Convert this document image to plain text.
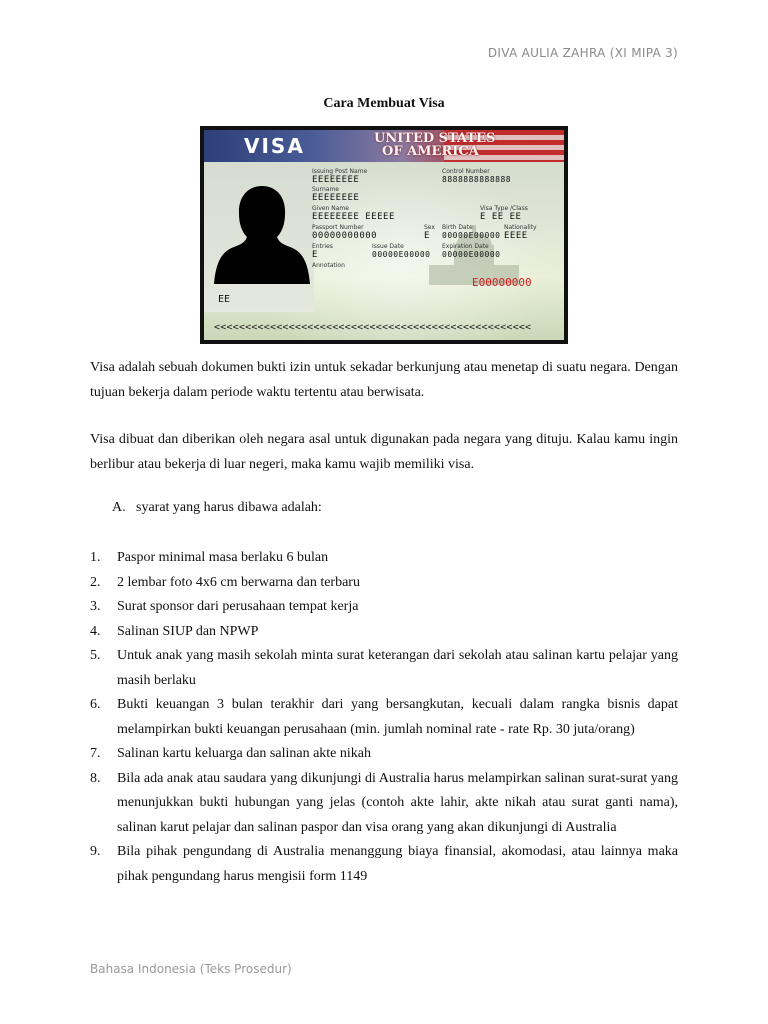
DIVA AULIA ZAHRA (XI MIPA 3)
Cara Membuat Visa
VISA	UNITED STATES
OF AMERICA
Issuing Post Name
EEEEEEEE
Control Number
8888888888888
Surname
EEEEEEEE
Given Name
EEEEEEEE EEEEE
Visa Type /Class
E EE EE
Passport Number
00000000000
Sex
E
Birth Date
00000E00000
Nationality
EEEE
Entries
E
Issue Date
00000E00000
Expiration Date
00000E00000
Annotation
E00000000
EE
<<<<<<<<<<<<<<<<<<<<<<<<<<<<<<<<<<<<<<<<<<<<<<<<<<<

Visa adalah sebuah dokumen bukti izin untuk sekadar berkunjung atau menetap di suatu negara. Dengan tujuan bekerja dalam periode waktu tertentu atau berwisata.

Visa dibuat dan diberikan oleh negara asal untuk digunakan pada negara yang dituju. Kalau kamu ingin berlibur atau bekerja di luar negeri, maka kamu wajib memiliki visa.

A. syarat yang harus dibawa adalah:
1.	Paspor minimal masa berlaku 6 bulan
2.	2 lembar foto 4x6 cm berwarna dan terbaru
3.	Surat sponsor dari perusahaan tempat kerja
4.	Salinan SIUP dan NPWP
5.	Untuk anak yang masih sekolah minta surat keterangan dari sekolah atau salinan kartu pelajar yang masih berlaku
6.	Bukti keuangan 3 bulan terakhir dari yang bersangkutan, kecuali dalam rangka bisnis dapat melampirkan bukti keuangan perusahaan (min. jumlah nominal rate - rate Rp. 30 juta/orang)
7.	Salinan kartu keluarga dan salinan akte nikah
8.	Bila ada anak atau saudara yang dikunjungi di Australia harus melampirkan salinan surat-surat yang menunjukkan bukti hubungan yang jelas (contoh akte lahir, akte nikah atau surat ganti nama), salinan karut pelajar dan salinan paspor dan visa orang yang akan dikunjungi di Australia
9.	Bila pihak pengundang di Australia menanggung biaya finansial, akomodasi, atau lainnya maka pihak pengundang harus mengisii form 1149
Bahasa Indonesia (Teks Prosedur)
